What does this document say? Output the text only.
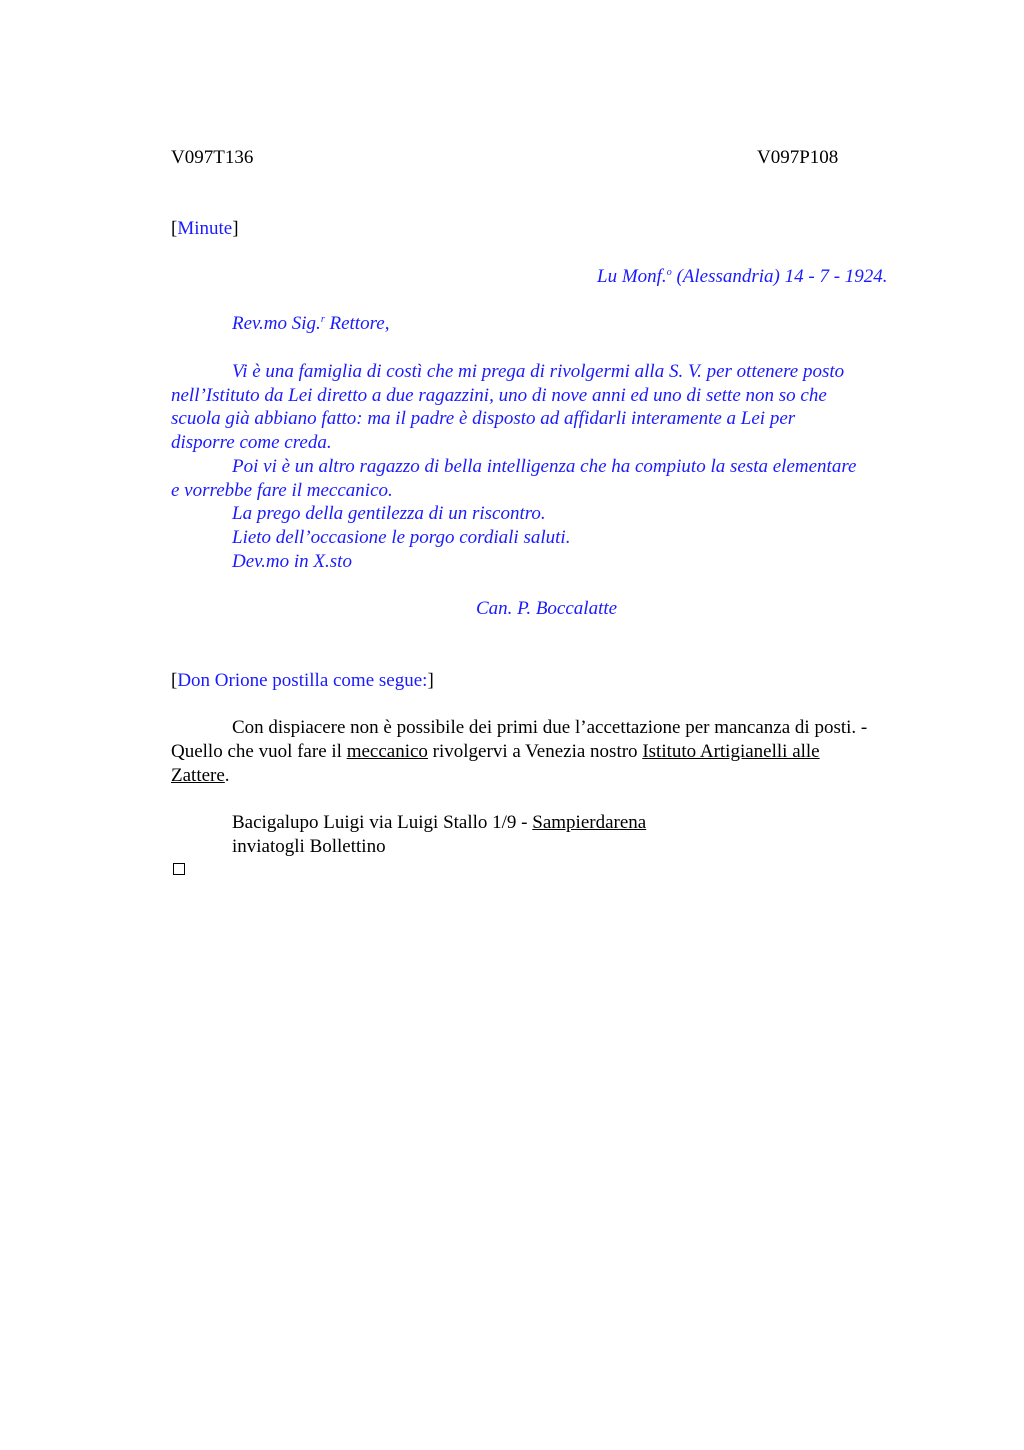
V097T136	V097P108
[Minute]
Lu Monf.$^o$ (Alessandria) 14 - 7 - 1924.
Rev.mo Sig.$^r$ Rettore,
Vi è una famiglia di costì che mi prega di rivolgermi alla S. V. per ottenere posto
nell’Istituto da Lei diretto a due ragazzini, uno di nove anni ed uno di sette non so che
scuola già abbiano fatto: ma il padre è disposto ad affidarli interamente a Lei per
disporre come creda.
Poi vi è un altro ragazzo di bella intelligenza che ha compiuto la sesta elementare
e vorrebbe fare il meccanico.
La prego della gentilezza di un riscontro.
Lieto dell’occasione le porgo cordiali saluti.
Dev.mo in X.sto
Can. P. Boccalatte
[Don Orione postilla come segue:]
Con dispiacere non è possibile dei primi due l’accettazione per mancanza di posti. -
Quello che vuol fare il meccanico rivolgervi a Venezia nostro Istituto Artigianelli alle
Zattere.
Bacigalupo Luigi via Luigi Stallo 1/9 - Sampierdarena
inviatogli Bollettino
